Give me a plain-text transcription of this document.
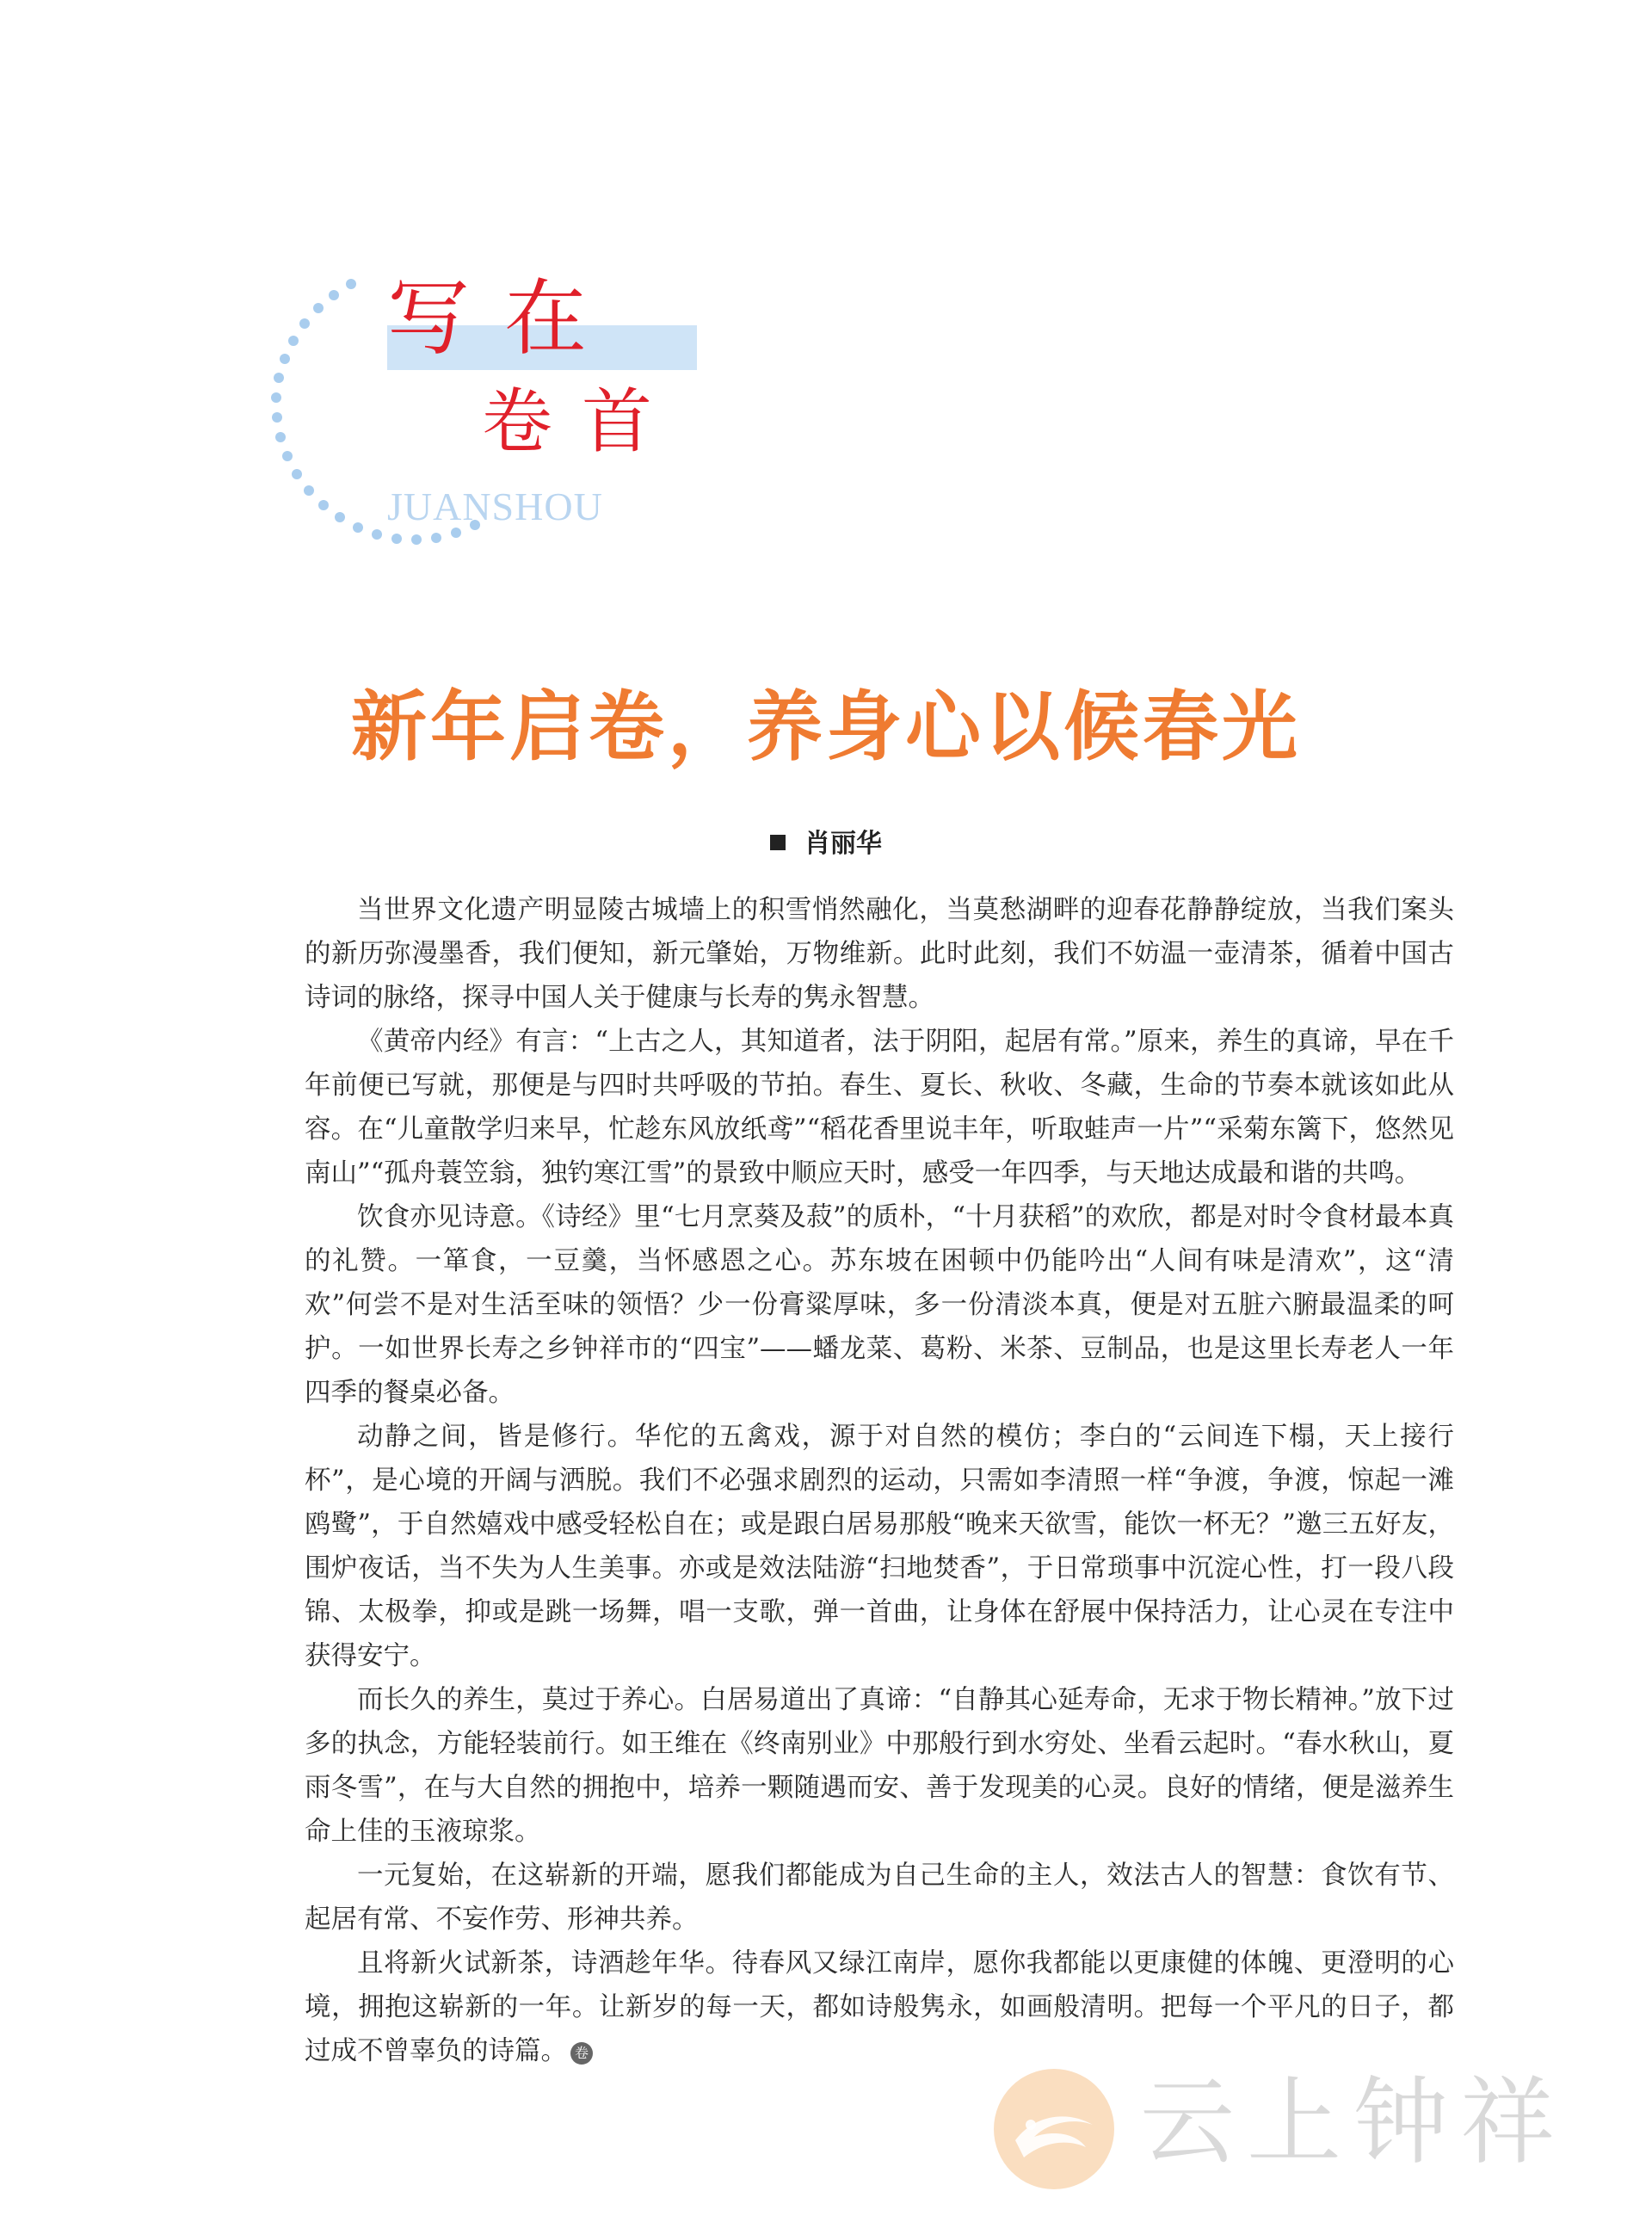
写在
卷首
JUANSHOU
新年启卷，养身心以候春光
肖丽华

当世界文化遗产明显陵古城墙上的积雪悄然融化，当莫愁湖畔的迎春花静静绽放，当我们案头的新历弥漫墨香，我们便知，新元肇始，万物维新。此时此刻，我们不妨温一壶清茶，循着中国古诗词的脉络，探寻中国人关于健康与长寿的隽永智慧。

《黄帝内经》有言：“上古之人，其知道者，法于阴阳，起居有常。”原来，养生的真谛，早在千年前便已写就，那便是与四时共呼吸的节拍。春生、夏长、秋收、冬藏，生命的节奏本就该如此从容。在“儿童散学归来早，忙趁东风放纸鸢”“稻花香里说丰年，听取蛙声一片”“采菊东篱下，悠然见南山”“孤舟蓑笠翁，独钓寒江雪”的景致中顺应天时，感受一年四季，与天地达成最和谐的共鸣。

饮食亦见诗意。《诗经》里“七月烹葵及菽”的质朴，“十月获稻”的欢欣，都是对时令食材最本真的礼赞。一箪食，一豆羹，当怀感恩之心。苏东坡在困顿中仍能吟出“人间有味是清欢”，这“清欢”何尝不是对生活至味的领悟？少一份膏粱厚味，多一份清淡本真，便是对五脏六腑最温柔的呵护。一如世界长寿之乡钟祥市的“四宝”——蟠龙菜、葛粉、米茶、豆制品，也是这里长寿老人一年四季的餐桌必备。

动静之间，皆是修行。华佗的五禽戏，源于对自然的模仿；李白的“云间连下榻，天上接行杯”，是心境的开阔与洒脱。我们不必强求剧烈的运动，只需如李清照一样“争渡，争渡，惊起一滩鸥鹭”，于自然嬉戏中感受轻松自在；或是跟白居易那般“晚来天欲雪，能饮一杯无？”邀三五好友，围炉夜话，当不失为人生美事。亦或是效法陆游“扫地焚香”，于日常琐事中沉淀心性，打一段八段锦、太极拳，抑或是跳一场舞，唱一支歌，弹一首曲，让身体在舒展中保持活力，让心灵在专注中获得安宁。

而长久的养生，莫过于养心。白居易道出了真谛：“自静其心延寿命，无求于物长精神。”放下过多的执念，方能轻装前行。如王维在《终南别业》中那般行到水穷处、坐看云起时。“春水秋山，夏雨冬雪”，在与大自然的拥抱中，培养一颗随遇而安、善于发现美的心灵。良好的情绪，便是滋养生命上佳的玉液琼浆。

一元复始，在这崭新的开端，愿我们都能成为自己生命的主人，效法古人的智慧：食饮有节、起居有常、不妄作劳、形神共养。

且将新火试新茶，诗酒趁年华。待春风又绿江南岸，愿你我都能以更康健的体魄、更澄明的心境，拥抱这崭新的一年。让新岁的每一天，都如诗般隽永，如画般清明。把每一个平凡的日子，都过成不曾辜负的诗篇。 卷

云上钟祥
